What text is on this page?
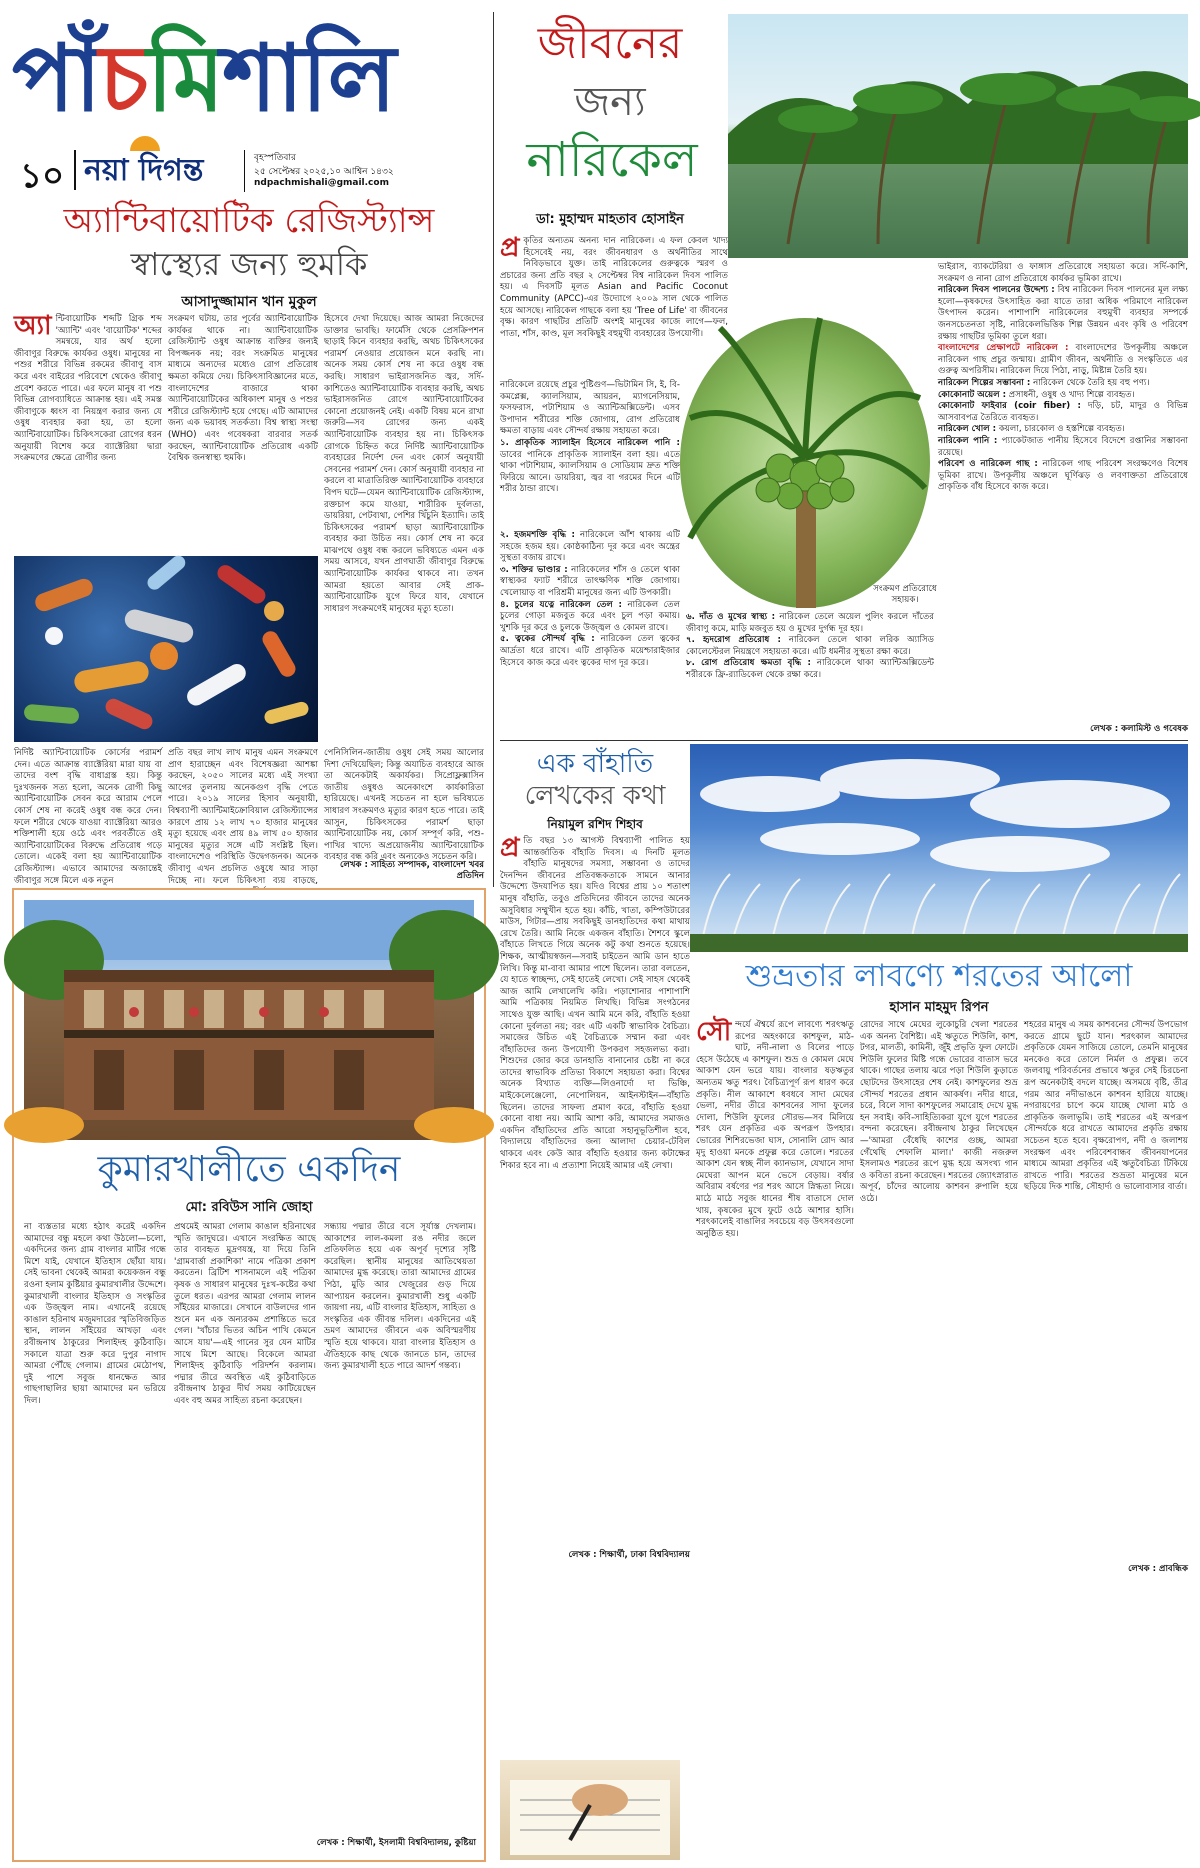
পাঁচমিশালি
১০ নয়া দিগন্ত	বৃহস্পতিবার
২৫ সেপ্টেম্বর ২০২৫,১০ আশ্বিন ১৪৩২
ndpachmishali@gmail.com
অ্যান্টিবায়োটিক রেজিস্ট্যান্স
স্বাস্থ্যের জন্য হুমকি
আসাদুজ্জামান খান মুকুল
অ্যা ন্টিবায়োটিক শব্দটি গ্রিক শব্দ 'অ্যান্টি' এবং 'বায়োটিক' শব্দের সমন্বয়ে, যার অর্থ হলো জীবাণুর বিরুদ্ধে কার্যকর ওষুধ। মানুষের না পশুর শরীরে বিভিন্ন রকমের জীবাণু বাস করে এবং বাইরের পরিবেশে থেকেও জীবাণু প্রবেশ করতে পারে। এর ফলে মানুষ বা পশু বিভিন্ন রোগব্যাধিতে আক্রান্ত হয়। এই সমস্ত জীবাণুকে ধ্বংস বা নিয়ন্ত্রণ করার জন্য যে ওষুধ ব্যবহার করা হয়, তা হলো অ্যান্টিবায়োটিক। চিকিৎসকেরা রোগের ধরন অনুযায়ী বিশেষ করে ব্যাক্টেরিয়া দ্বারা সংক্রমণের ক্ষেত্রে রোগীর জন্য
সংক্রমণ ঘটায়, তার পূর্বের অ্যান্টিবায়োটিক কার্যকর থাকে না। অ্যান্টিবায়োটিক রেজিস্ট্যান্ট ওষুধ আক্রান্ত ব্যক্তির জন্যই বিপজ্জনক নয়; বরং সংক্রমিত মানুষের মাধ্যমে অন্যদের মধ্যেও রোগ প্রতিরোধ ক্ষমতা কমিয়ে দেয়। চিকিৎসাবিজ্ঞানের মতে, বাংলাদেশের বাজারে থাকা অ্যান্টিবায়োটিকের অধিকাংশ মানুষ ও পশুর শরীরে রেজিস্ট্যান্ট হয়ে গেছে। এটি আমাদের জন্য এক ভয়াবহ সতর্কতা। বিশ্ব স্বাস্থ্য সংস্থা (WHO) এবং গবেষকরা বারবার সতর্ক করছেন, অ্যান্টিবায়োটিক প্রতিরোধ একটি বৈশ্বিক জনস্বাস্থ্য হুমকি।
হিসেবে দেখা দিয়েছে। আজ আমরা নিজেদের ডাক্তার ভাবছি। ফার্মেসি থেকে প্রেসক্রিপশন ছাড়াই কিনে ব্যবহার করছি, অথচ চিকিৎসকের পরামর্শ নেওয়ার প্রয়োজন মনে করছি না। অনেক সময় কোর্স শেষ না করে ওষুধ বন্ধ করছি। সাধারণ ভাইরাসজনিত জ্বর, সর্দি-কাশিতেও অ্যান্টিবায়োটিক ব্যবহার করছি, অথচ ভাইরাসজনিত রোগে অ্যান্টিবায়োটিকের কোনো প্রয়োজনই নেই। একটি বিষয় মনে রাখা জরুরি—সব রোগের জন্য একই অ্যান্টিবায়োটিক ব্যবহার হয় না। চিকিৎসক রোগকে চিহ্নিত করে নির্দিষ্ট অ্যান্টিবায়োটিক ব্যবহারের নির্দেশ দেন এবং কোর্স অনুযায়ী সেবনের পরামর্শ দেন। কোর্স অনুযায়ী ব্যবহার না করলে বা মাত্রাতিরিক্ত অ্যান্টিবায়োটিক ব্যবহারে বিপদ ঘটে—যেমন অ্যান্টিবায়োটিক রেজিস্ট্যান্স, রক্তচাপ কমে যাওয়া, শারীরিক দুর্বলতা, ডায়রিয়া, পেটব্যথা, পেশির খিঁচুনি ইত্যাদি। তাই চিকিৎসকের পরামর্শ ছাড়া অ্যান্টিবায়োটিক ব্যবহার করা উচিত নয়। কোর্স শেষ না করে মাঝপথে ওষুধ বন্ধ করলে ভবিষ্যতে এমন এক সময় আসবে, যখন প্রাণঘাতী জীবাণুর বিরুদ্ধে অ্যান্টিবায়োটিক কার্যকর থাকবে না। তখন আমরা হয়তো আবার সেই প্রাক-অ্যান্টিবায়োটিক যুগে ফিরে যাব, যেখানে সাধারণ সংক্রমণেই মানুষের মৃত্যু হতো।
নির্দিষ্ট অ্যান্টিবায়োটিক কোর্সের পরামর্শ দেন। এতে আক্রান্ত ব্যাক্টেরিয়া মারা যায় বা তাদের বংশ বৃদ্ধি বাধাগ্রস্ত হয়। কিন্তু দুঃখজনক সত্য হলো, অনেক রোগী কিছু অ্যান্টিবায়োটিক সেবন করে আরাম পেলে কোর্স শেষ না করেই ওষুধ বন্ধ করে দেন। ফলে শরীরে থেকে যাওয়া ব্যাক্টেরিয়া আরও শক্তিশালী হয়ে ওঠে এবং পরবর্তীতে ওই অ্যান্টিবায়োটিকের বিরুদ্ধে প্রতিরোধ গড়ে তোলে। একেই বলা হয় অ্যান্টিবায়োটিক রেজিস্ট্যান্স। এভাবে আমাদের অজান্তেই জীবাণুর সঙ্গে মিলে এক নতুন
প্রতি বছর লাখ লাখ মানুষ এমন সংক্রমণে প্রাণ হারাচ্ছেন এবং বিশেষজ্ঞরা আশঙ্কা করছেন, ২০৫০ সালের মধ্যে এই সংখ্যা আগের তুলনায় অনেকগুণ বৃদ্ধি পেতে পারে। ২০১৯ সালের হিসাব অনুযায়ী, বিশ্বব্যাপী অ্যান্টিমাইক্রোবিয়াল রেজিস্ট্যান্সের কারণে প্রায় ১২ লাখ ৭০ হাজার মানুষের মৃত্যু হয়েছে এবং প্রায় ৪৯ লাখ ৫০ হাজার মানুষের মৃত্যুর সঙ্গে এটি সংশ্লিষ্ট ছিল। বাংলাদেশেও পরিস্থিতি উদ্বেগজনক। অনেক জীবাণু এখন প্রচলিত ওষুধে আর সাড়া দিচ্ছে না। ফলে চিকিৎসা ব্যয় বাড়ছে,
পেনিসিলিন-জাতীয় ওষুধ সেই সময় আলোর দিশা দেখিয়েছিল; কিন্তু অযাচিত ব্যবহারে আজ তা অনেকটাই অকার্যকর। সিপ্রোফ্লক্সাসিন জাতীয় ওষুধও অনেকাংশে কার্যকারিতা হারিয়েছে। এখনই সচেতন না হলে ভবিষ্যতে সাধারণ সংক্রমণও মৃত্যুর কারণ হতে পারে। তাই আসুন, চিকিৎসকের পরামর্শ ছাড়া অ্যান্টিবায়োটিক নয়, কোর্স সম্পূর্ণ করি, পশু-পাখির খাদ্যে অপ্রয়োজনীয় অ্যান্টিবায়োটিক ব্যবহার বন্ধ করি এবং অন্যকেও সচেতন করি।
লেখক : সাহিত্য সম্পাদক, বাংলাদেশ খবর প্রতিদিন
জীবনের
জন্য
নারিকেল
ডা: মুহাম্মদ মাহতাব হোসাইন
প্র কৃতির অন্যতম অনন্য দান নারিকেল। এ ফল কেবল খাদ্য হিসেবেই নয়, বরং জীবনধারণ ও অর্থনীতির সাথে নিবিড়ভাবে যুক্ত। তাই নারিকেলের গুরুত্বকে স্মরণ ও প্রচারের জন্য প্রতি বছর ২ সেপ্টেম্বর বিশ্ব নারিকেল দিবস পালিত হয়। এ দিবসটি মূলত Asian and Pacific Coconut Community (APCC)-এর উদ্যোগে ২০০৯ সাল থেকে পালিত হয়ে আসছে। নারিকেল গাছকে বলা হয় 'Tree of Life' বা জীবনের বৃক্ষ। কারণ গাছটির প্রতিটি অংশই মানুষের কাজে লাগে—ফল, পাতা, শাঁস, কাণ্ড, মূল সবকিছুই বহুমুখী ব্যবহারের উপযোগী।
নারিকেলে রয়েছে প্রচুর পুষ্টিগুণ—ভিটামিন সি, ই, বি-কমপ্লেক্স, ক্যালসিয়াম, আয়রন, ম্যাগনেসিয়াম, ফসফরাস, পটাশিয়াম ও অ্যান্টিঅক্সিডেন্ট। এসব উপাদান শরীরের শক্তি জোগায়, রোগ প্রতিরোধ ক্ষমতা বাড়ায় এবং সৌন্দর্য রক্ষায় সহায়তা করে।
১. প্রাকৃতিক স্যালাইন হিসেবে নারিকেল পানি : ডাবের পানিকে প্রাকৃতিক স্যালাইন বলা হয়। এতে থাকা পটাশিয়াম, ক্যালসিয়াম ও সোডিয়াম দ্রুত শক্তি ফিরিয়ে আনে। ডায়রিয়া, জ্বর বা গরমের দিনে এটি শরীর ঠান্ডা রাখে।
২. হজমশক্তি বৃদ্ধি : নারিকেলে আঁশ থাকায় এটি সহজে হজম হয়। কোষ্ঠকাঠিন্য দূর করে এবং অন্ত্রের সুস্থতা বজায় রাখে।
৩. শক্তির ভাণ্ডার : নারিকেলের শাঁস ও তেলে থাকা স্বাস্থ্যকর ফ্যাট শরীরে তাৎক্ষণিক শক্তি জোগায়। খেলোয়াড় বা পরিশ্রমী মানুষের জন্য এটি উপকারী।
৪. চুলের যত্নে নারিকেল তেল : নারিকেল তেল চুলের গোড়া মজবুত করে এবং চুল পড়া কমায়। খুশকি দূর করে ও চুলকে উজ্জ্বল ও কোমল রাখে।
৫. ত্বকের সৌন্দর্য বৃদ্ধি : নারিকেল তেল ত্বকের আর্দ্রতা ধরে রাখে। এটি প্রাকৃতিক ময়েশ্চারাইজার হিসেবে কাজ করে এবং ত্বকের দাগ দূর করে।
সংক্রমণ প্রতিরোধে সহায়ক।
৬. দাঁত ও মুখের স্বাস্থ্য : নারিকেল তেলে অয়েল পুলিং করলে দাঁতের জীবাণু কমে, মাড়ি মজবুত হয় ও মুখের দুর্গন্ধ দূর হয়।
৭. হৃদরোগ প্রতিরোধ : নারিকেল তেলে থাকা লরিক অ্যাসিড কোলেস্টেরল নিয়ন্ত্রণে সহায়তা করে। এটি ধমনীর সুস্থতা রক্ষা করে।
৮. রোগ প্রতিরোধ ক্ষমতা বৃদ্ধি : নারিকেলে থাকা অ্যান্টিঅক্সিডেন্ট শরীরকে ফ্রি-র‍্যাডিকেল থেকে রক্ষা করে।
ভাইরাস, ব্যাকটেরিয়া ও ফাঙ্গাস প্রতিরোধে সহায়তা করে। সর্দি-কাশি, সংক্রমণ ও নানা রোগ প্রতিরোধে কার্যকর ভূমিকা রাখে।
নারিকেল দিবস পালনের উদ্দেশ্য : বিশ্ব নারিকেল দিবস পালনের মূল লক্ষ্য হলো—কৃষকদের উৎসাহিত করা যাতে তারা অধিক পরিমাণে নারিকেল উৎপাদন করেন। পাশাপাশি নারিকেলের বহুমুখী ব্যবহার সম্পর্কে জনসচেতনতা সৃষ্টি, নারিকেলভিত্তিক শিল্প উন্নয়ন এবং কৃষি ও পরিবেশ রক্ষায় গাছটির ভূমিকা তুলে ধরা।
বাংলাদেশের প্রেক্ষাপটে নারিকেল : বাংলাদেশের উপকূলীয় অঞ্চলে নারিকেল গাছ প্রচুর জন্মায়। গ্রামীণ জীবন, অর্থনীতি ও সংস্কৃতিতে এর গুরুত্ব অপরিসীম। নারিকেল দিয়ে পিঠা, নাড়ু, মিষ্টান্ন তৈরি হয়।
নারিকেল শিল্পের সম্ভাবনা : নারিকেল থেকে তৈরি হয় বহু পণ্য।
কোকোনাট অয়েল : প্রসাধনী, ওষুধ ও খাদ্য শিল্পে ব্যবহৃত।
কোকোনাট ফাইবার (coir fiber) : দড়ি, চট, মাদুর ও বিভিন্ন আসবাবপত্র তৈরিতে ব্যবহৃত।
নারিকেল খোল : কয়লা, চারকোল ও হস্তশিল্পে ব্যবহৃত।
নারিকেল পানি : প্যাকেটজাত পানীয় হিসেবে বিদেশে রপ্তানির সম্ভাবনা রয়েছে।
পরিবেশ ও নারিকেল গাছ : নারিকেল গাছ পরিবেশ সংরক্ষণেও বিশেষ ভূমিকা রাখে। উপকূলীয় অঞ্চলে ঘূর্ণিঝড় ও লবণাক্ততা প্রতিরোধে প্রাকৃতিক বাঁধ হিসেবে কাজ করে।
লেখক : কলামিস্ট ও গবেষক
এক বাঁহাতি
লেখকের কথা
নিয়ামুল রশিদ শিহাব
প্র তি বছর ১৩ আগস্ট বিশ্বব্যাপী পালিত হয় আন্তর্জাতিক বাঁহাতি দিবস। এ দিনটি মূলত বাঁহাতি মানুষদের সমস্যা, সম্ভাবনা ও তাদের দৈনন্দিন জীবনের প্রতিবন্ধকতাকে সামনে আনার উদ্দেশ্যে উদযাপিত হয়। যদিও বিশ্বের প্রায় ১০ শতাংশ মানুষ বাঁহাতি, তবুও প্রতিদিনের জীবনে তাদের অনেক অসুবিধার সম্মুখীন হতে হয়। কাঁচি, খাতা, কম্পিউটারের মাউস, গিটার—প্রায় সবকিছুই ডানহাতিদের কথা মাথায় রেখে তৈরি। আমি নিজে একজন বাঁহাতি। শৈশবে স্কুলে বাঁহাতে লিখতে গিয়ে অনেক কটু কথা শুনতে হয়েছে। শিক্ষক, আত্মীয়স্বজন—সবাই চাইতেন আমি ডান হাতে লিখি। কিন্তু মা-বাবা আমার পাশে ছিলেন। তারা বলতেন, যে হাতে স্বাচ্ছন্দ্য, সেই হাতেই লেখো। সেই সাহস থেকেই আজ আমি লেখালেখি করি। পড়াশোনার পাশাপাশি আমি পত্রিকায় নিয়মিত লিখছি। বিভিন্ন সংগঠনের সাথেও যুক্ত আছি। এখন আমি মনে করি, বাঁহাতি হওয়া কোনো দুর্বলতা নয়; বরং এটি একটি স্বাভাবিক বৈচিত্র্য। সমাজের উচিত এই বৈচিত্র্যকে সম্মান করা এবং বাঁহাতিদের জন্য উপযোগী উপকরণ সহজলভ্য করা। শিশুদের জোর করে ডানহাতি বানানোর চেষ্টা না করে তাদের স্বাভাবিক প্রতিভা বিকাশে সহায়তা করা। বিশ্বের অনেক বিখ্যাত ব্যক্তি—লিওনার্দো দা ভিঞ্চি, মাইকেলেঞ্জেলো, নেপোলিয়ন, আইনস্টাইন—বাঁহাতি ছিলেন। তাদের সাফল্য প্রমাণ করে, বাঁহাতি হওয়া কোনো বাধা নয়। আমি আশা করি, আমাদের সমাজও একদিন বাঁহাতিদের প্রতি আরো সহানুভূতিশীল হবে, বিদ্যালয়ে বাঁহাতিদের জন্য আলাদা চেয়ার-টেবিল থাকবে এবং কেউ আর বাঁহাতি হওয়ার জন্য কটাক্ষের শিকার হবে না। এ প্রত্যাশা নিয়েই আমার এই লেখা।
লেখক : শিক্ষার্থী, ঢাকা বিশ্ববিদ্যালয়
শুভ্রতার লাবণ্যে শরতের আলো
হাসান মাহমুদ রিপন
সৌন্দর্যে ঐশ্বর্যে রূপে লাবণ্যে শরৎঋতু রূপের অহংকারে কাশফুল, মাঠ-ঘাট, নদী-নালা ও বিলের পাড়ে হেসে উঠেছে এ কাশফুল। শুভ্র ও কোমল মেঘে আকাশ যেন ভরে যায়। বাংলার ষড়ঋতুর অন্যতম ঋতু শরৎ। বৈচিত্র্যপূর্ণ রূপ ধারণ করে প্রকৃতি। নীল আকাশে ধবধবে সাদা মেঘের ভেলা, নদীর তীরে কাশবনের সাদা ফুলের দোলা, শিউলি ফুলের সৌরভ—সব মিলিয়ে শরৎ যেন প্রকৃতির এক অপরূপ উপহার। ভোরের শিশিরভেজা ঘাস, সোনালি রোদ আর মৃদু হাওয়া মনকে প্রফুল্ল করে তোলে। শরতের আকাশ যেন স্বচ্ছ নীল ক্যানভাস, যেখানে সাদা মেঘেরা আপন মনে ভেসে বেড়ায়। বর্ষার অবিরাম বর্ষণের পর শরৎ আসে স্নিগ্ধতা নিয়ে। মাঠে মাঠে সবুজ ধানের শীষ বাতাসে দোল খায়, কৃষকের মুখে ফুটে ওঠে আশার হাসি। শরৎকালেই বাঙালির সবচেয়ে বড় উৎসবগুলো অনুষ্ঠিত হয়।
রোদের সাথে মেঘের লুকোচুরি খেলা শরতের এক অনন্য বৈশিষ্ট্য। এই ঋতুতে শিউলি, কাশ, টগর, মালতী, কামিনী, জুঁই প্রভৃতি ফুল ফোটে। শিউলি ফুলের মিষ্টি গন্ধে ভোরের বাতাস ভরে থাকে। গাছের তলায় ঝরে পড়া শিউলি কুড়াতে ছোটদের উৎসাহের শেষ নেই। কাশফুলের শুভ্র সৌন্দর্য শরতের প্রধান আকর্ষণ। নদীর ধারে, চরে, বিলে সাদা কাশফুলের সমারোহ দেখে মুগ্ধ হন সবাই। কবি-সাহিত্যিকরা যুগে যুগে শরতের বন্দনা করেছেন। রবীন্দ্রনাথ ঠাকুর লিখেছেন—'আমরা বেঁধেছি কাশের গুচ্ছ, আমরা গেঁথেছি শেফালি মালা।' কাজী নজরুল ইসলামও শরতের রূপে মুগ্ধ হয়ে অসংখ্য গান ও কবিতা রচনা করেছেন। শরতের জ্যোৎস্নারাত অপূর্ব, চাঁদের আলোয় কাশবন রুপালি হয়ে ওঠে।
শহরের মানুষ এ সময় কাশবনের সৌন্দর্য উপভোগ করতে গ্রামে ছুটে যান। শরৎকাল আমাদের প্রকৃতিকে যেমন সাজিয়ে তোলে, তেমনি মানুষের মনকেও করে তোলে নির্মল ও প্রফুল্ল। তবে জলবায়ু পরিবর্তনের প্রভাবে ঋতুর সেই চিরচেনা রূপ অনেকটাই বদলে যাচ্ছে। অসময়ে বৃষ্টি, তীব্র গরম আর নদীভাঙনে কাশবন হারিয়ে যাচ্ছে। নগরায়ণের চাপে কমে যাচ্ছে খোলা মাঠ ও প্রাকৃতিক জলাভূমি। তাই শরতের এই অপরূপ সৌন্দর্যকে ধরে রাখতে আমাদের প্রকৃতি রক্ষায় সচেতন হতে হবে। বৃক্ষরোপণ, নদী ও জলাশয় সংরক্ষণ এবং পরিবেশবান্ধব জীবনযাপনের মাধ্যমে আমরা প্রকৃতির এই ঋতুবৈচিত্র্য টিকিয়ে রাখতে পারি। শরতের শুভ্রতা মানুষের মনে ছড়িয়ে দিক শান্তি, সৌহার্দ্য ও ভালোবাসার বার্তা।
লেখক : প্রাবন্ধিক
কুমারখালীতে একদিন
মো: রবিউস সানি জোহা
না ব্যস্ততার মধ্যে হঠাৎ করেই একদিন আমাদের বন্ধু মহলে কথা উঠলো—চলো, একদিনের জন্য গ্রাম বাংলার মাটির গন্ধে মিশে যাই, যেখানে ইতিহাস ছোঁয়া যায়। সেই ভাবনা থেকেই আমরা কয়েকজন বন্ধু রওনা হলাম কুষ্টিয়ার কুমারখালীর উদ্দেশে। কুমারখালী বাংলার ইতিহাস ও সংস্কৃতির এক উজ্জ্বল নাম। এখানেই রয়েছে কাঙাল হরিনাথ মজুমদারের স্মৃতিবিজড়িত স্থান, লালন সাঁইয়ের আখড়া এবং রবীন্দ্রনাথ ঠাকুরের শিলাইদহ কুঠিবাড়ি। সকালে যাত্রা শুরু করে দুপুর নাগাদ আমরা পৌঁছে গেলাম। গ্রামের মেঠোপথ, দুই পাশে সবুজ ধানক্ষেত আর গাছগাছালির ছায়া আমাদের মন ভরিয়ে দিল।
প্রথমেই আমরা গেলাম কাঙাল হরিনাথের স্মৃতি জাদুঘরে। এখানে সংরক্ষিত আছে তার ব্যবহৃত মুদ্রণযন্ত্র, যা দিয়ে তিনি 'গ্রামবার্ত্তা প্রকাশিকা' নামে পত্রিকা প্রকাশ করতেন। ব্রিটিশ শাসনামলে এই পত্রিকা কৃষক ও সাধারণ মানুষের দুঃখ-কষ্টের কথা তুলে ধরত। এরপর আমরা গেলাম লালন সাঁইয়ের মাজারে। সেখানে বাউলদের গান শুনে মন এক অন্যরকম প্রশান্তিতে ভরে গেল। 'খাঁচার ভিতর অচিন পাখি কেমনে আসে যায়'—এই গানের সুর যেন মাটির সাথে মিশে আছে। বিকেলে আমরা শিলাইদহ কুঠিবাড়ি পরিদর্শন করলাম। পদ্মার তীরে অবস্থিত এই কুঠিবাড়িতে রবীন্দ্রনাথ ঠাকুর দীর্ঘ সময় কাটিয়েছেন এবং বহু অমর সাহিত্য রচনা করেছেন।
সন্ধ্যায় পদ্মার তীরে বসে সূর্যাস্ত দেখলাম। আকাশের লাল-কমলা রঙ নদীর জলে প্রতিফলিত হয়ে এক অপূর্ব দৃশ্যের সৃষ্টি করেছিল। স্থানীয় মানুষের আতিথেয়তা আমাদের মুগ্ধ করেছে। তারা আমাদের গ্রামের পিঠা, মুড়ি আর খেজুরের গুড় দিয়ে আপ্যায়ন করলেন। কুমারখালী শুধু একটি জায়গা নয়, এটি বাংলার ইতিহাস, সাহিত্য ও সংস্কৃতির এক জীবন্ত দলিল। একদিনের এই ভ্রমণ আমাদের জীবনে এক অবিস্মরণীয় স্মৃতি হয়ে থাকবে। যারা বাংলার ইতিহাস ও ঐতিহ্যকে কাছ থেকে জানতে চান, তাদের জন্য কুমারখালী হতে পারে আদর্শ গন্তব্য।
লেখক : শিক্ষার্থী, ইসলামী বিশ্ববিদ্যালয়, কুষ্টিয়া
